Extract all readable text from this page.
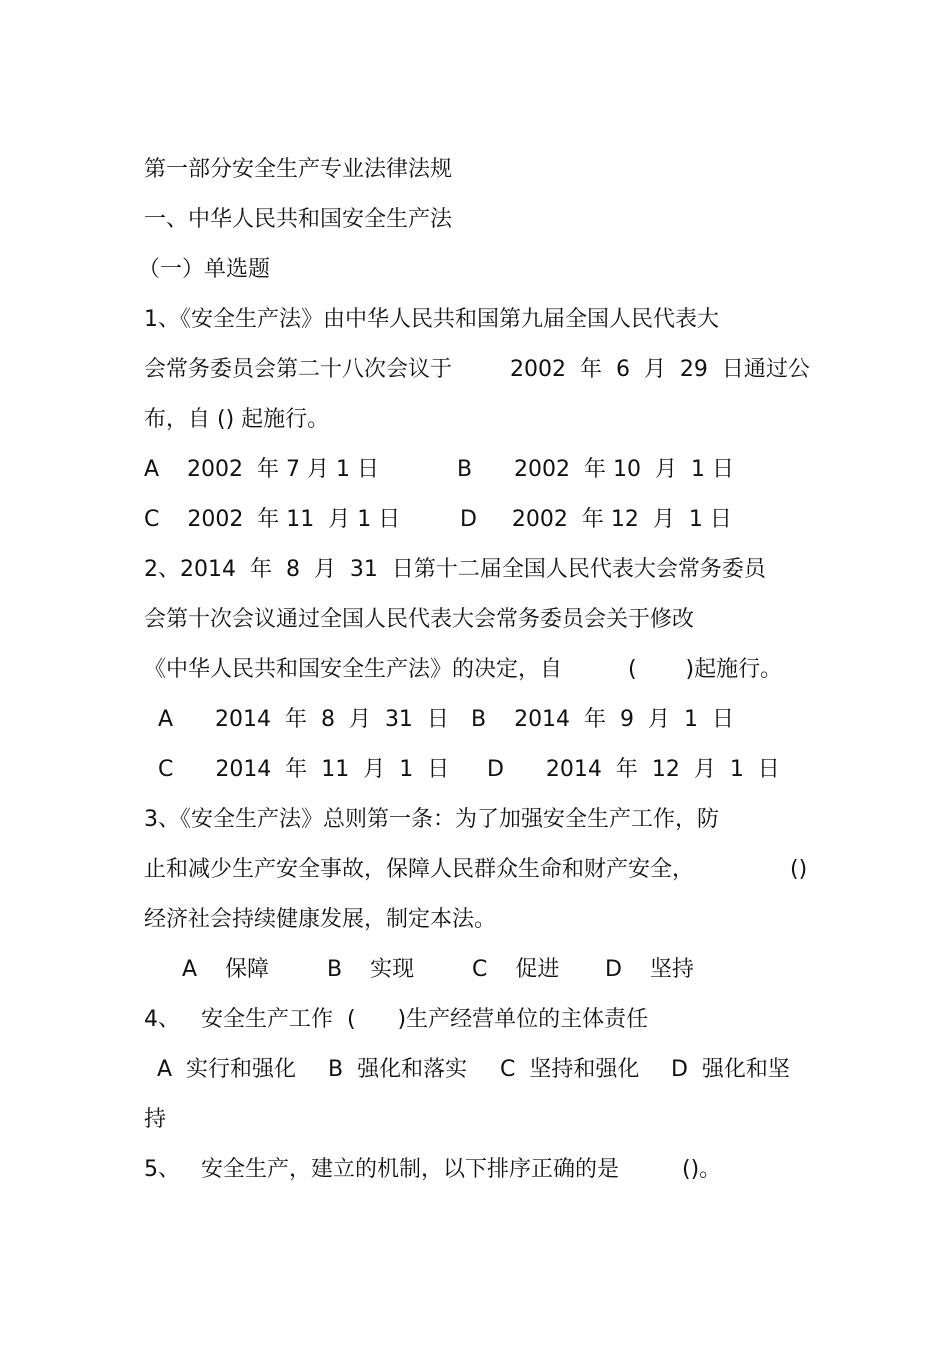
第一部分安全生产专业法律法规
一、中华人民共和国安全生产法
（一）单选题
1、《安全生产法》由中华人民共和国第九届全国人民代表大
会常务委员会第二十八次会议于	2002  年  6  月  29  日通过公
布，自 () 起施行。
A    2002  年 7 月 1 日	B      2002  年 10  月  1 日
C    2002  年 11  月 1 日	D     2002  年 12  月  1 日
2、2014  年  8  月  31  日第十二届全国人民代表大会常务委员
会第十次会议通过全国人民代表大会常务委员会关于修改
《中华人民共和国安全生产法》的决定，自	(       )起施行。
A      2014  年  8  月  31  日 B    2014  年  9  月  1  日
C      2014  年  11  月  1  日 D      2014  年  12  月  1  日
3、《安全生产法》总则第一条：为了加强安全生产工作，防
止和减少生产安全事故，保障人民群众生命和财产安全，	()
经济社会持续健康发展，制定本法。
A    保障	B    实现	C    促进 D    坚持
4、   安全生产工作  (      )生产经营单位的主体责任
A  实行和强化 B  强化和落实 C  坚持和强化 D  强化和坚
持
5、   安全生产，建立的机制，以下排序正确的是	()。
